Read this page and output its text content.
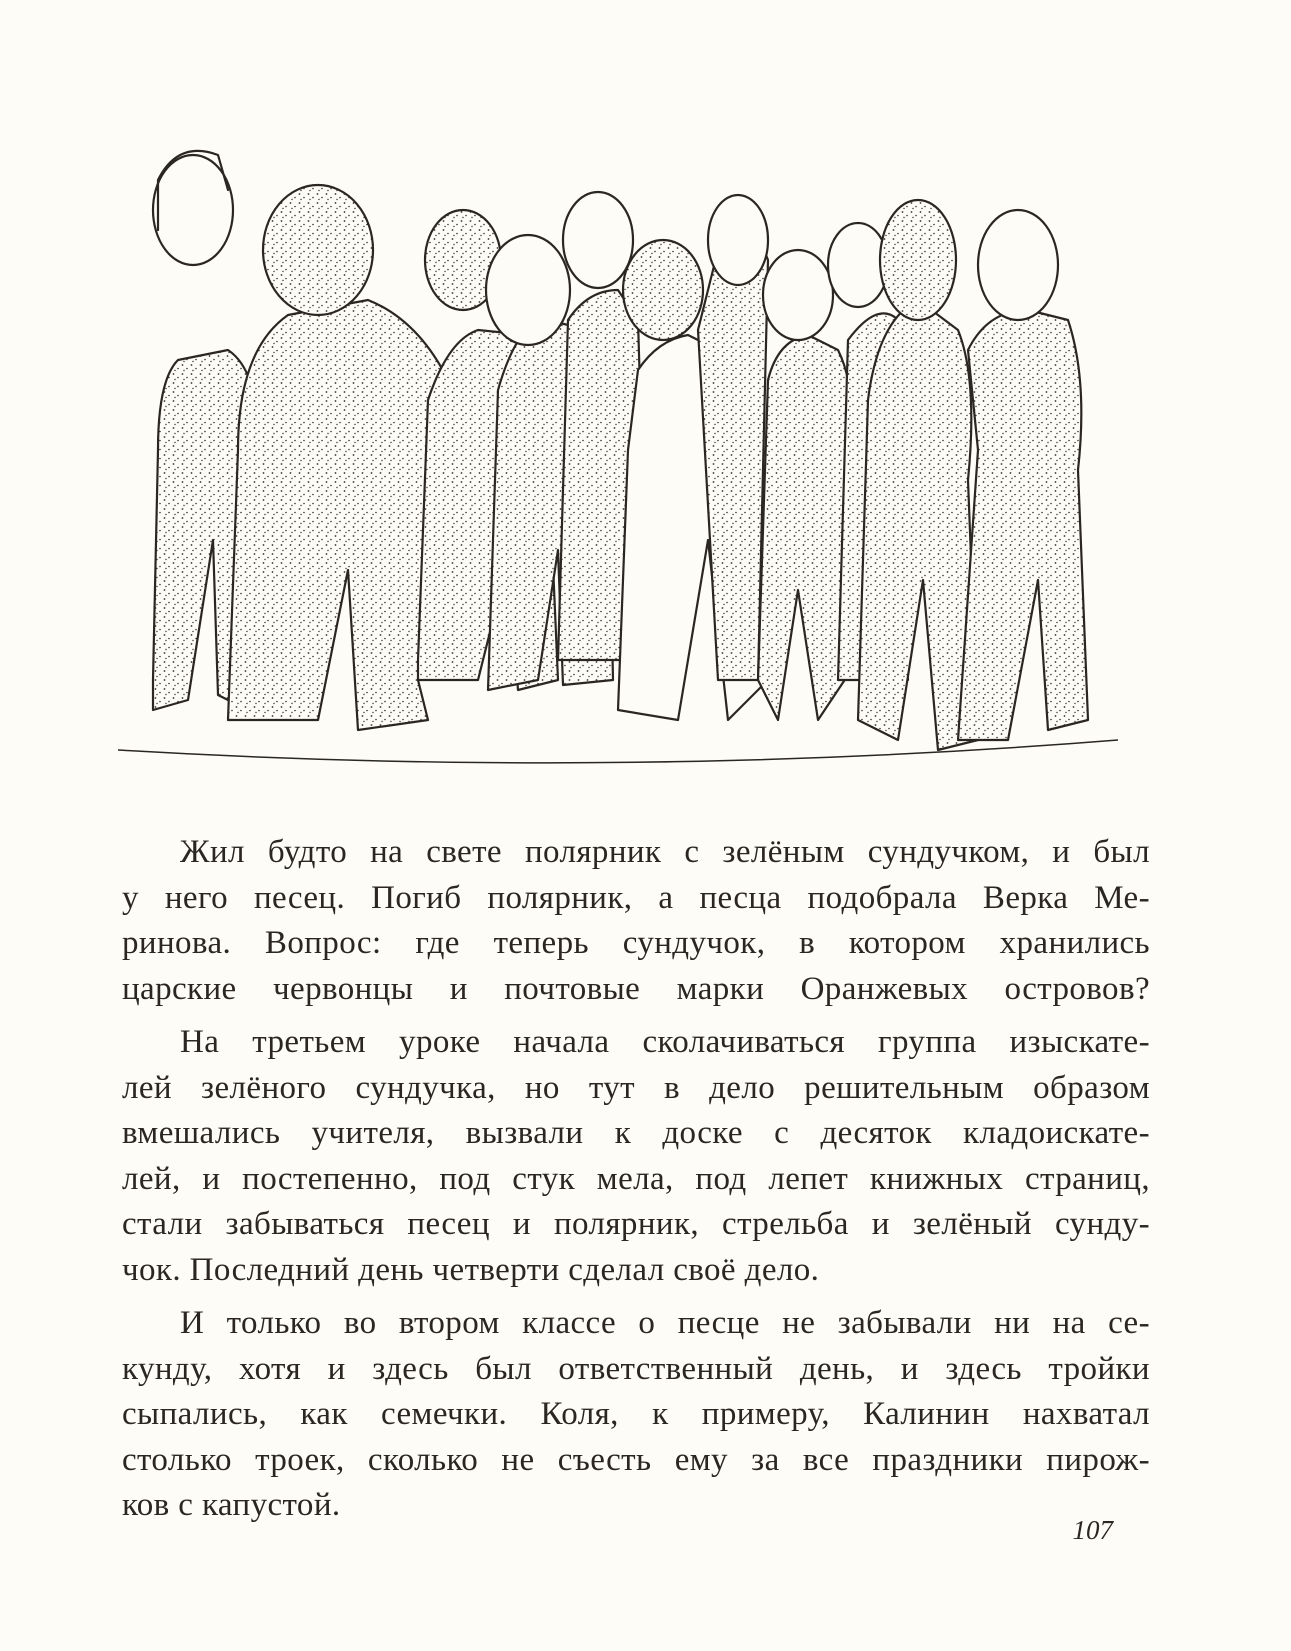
Жил будто на свете полярник с зелёным сундучком, и был
у него песец. Погиб полярник, а песца подобрала Верка Ме-
ринова. Вопрос: где теперь сундучок, в котором хранились
царские червонцы и почтовые марки Оранжевых островов?
На третьем уроке начала сколачиваться группа изыскате-
лей зелёного сундучка, но тут в дело решительным образом
вмешались учителя, вызвали к доске с десяток кладоискате-
лей, и постепенно, под стук мела, под лепет книжных страниц,
стали забываться песец и полярник, стрельба и зелёный сунду-
чок. Последний день четверти сделал своё дело.
И только во втором классе о песце не забывали ни на се-
кунду, хотя и здесь был ответственный день, и здесь тройки
сыпались, как семечки. Коля, к примеру, Калинин нахватал
столько троек, сколько не съесть ему за все праздники пирож-
ков с капустой.
107
